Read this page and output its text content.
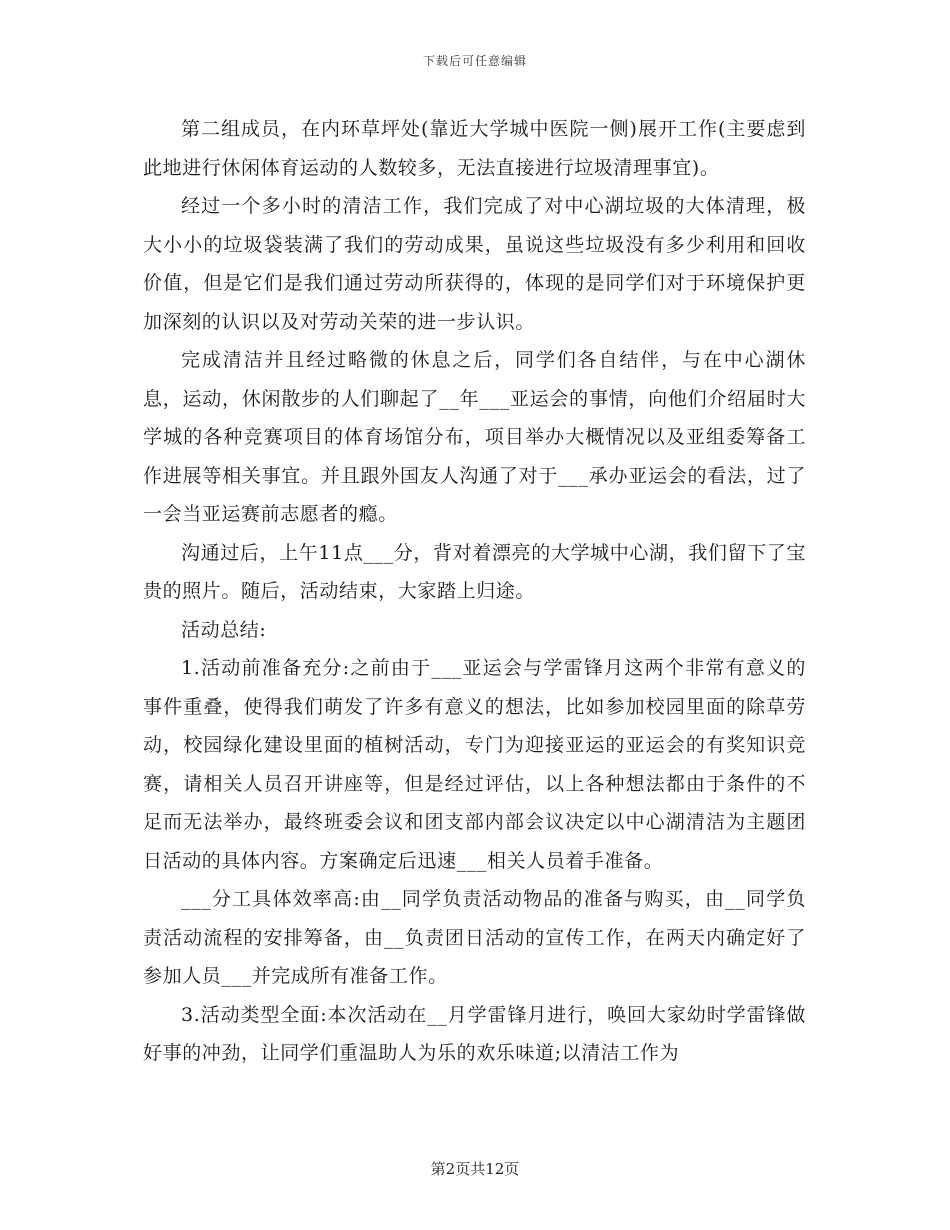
下载后可任意编辑

第二组成员，在内环草坪处(靠近大学城中医院一侧)展开工作(主要虑到此地进行休闲体育运动的人数较多，无法直接进行垃圾清理事宜)。

经过一个多小时的清洁工作，我们完成了对中心湖垃圾的大体清理，极大小小的垃圾袋装满了我们的劳动成果，虽说这些垃圾没有多少利用和回收价值，但是它们是我们通过劳动所获得的，体现的是同学们对于环境保护更加深刻的认识以及对劳动关荣的进一步认识。

完成清洁并且经过略微的休息之后，同学们各自结伴，与在中心湖休息，运动，休闲散步的人们聊起了__年___亚运会的事情，向他们介绍届时大学城的各种竞赛项目的体育场馆分布，项目举办大概情况以及亚组委筹备工作进展等相关事宜。并且跟外国友人沟通了对于___承办亚运会的看法，过了一会当亚运赛前志愿者的瘾。

沟通过后，上午11点___分，背对着漂亮的大学城中心湖，我们留下了宝贵的照片。随后，活动结束，大家踏上归途。

活动总结:

1.活动前准备充分:之前由于___亚运会与学雷锋月这两个非常有意义的事件重叠，使得我们萌发了许多有意义的想法，比如参加校园里面的除草劳动，校园绿化建设里面的植树活动，专门为迎接亚运的亚运会的有奖知识竞赛，请相关人员召开讲座等，但是经过评估，以上各种想法都由于条件的不足而无法举办，最终班委会议和团支部内部会议决定以中心湖清洁为主题团日活动的具体内容。方案确定后迅速___相关人员着手准备。

___分工具体效率高:由__同学负责活动物品的准备与购买，由__同学负责活动流程的安排筹备，由__负责团日活动的宣传工作，在两天内确定好了参加人员___并完成所有准备工作。

3.活动类型全面:本次活动在__月学雷锋月进行，唤回大家幼时学雷锋做好事的冲劲，让同学们重温助人为乐的欢乐味道;以清洁工作为

第2页共12页
